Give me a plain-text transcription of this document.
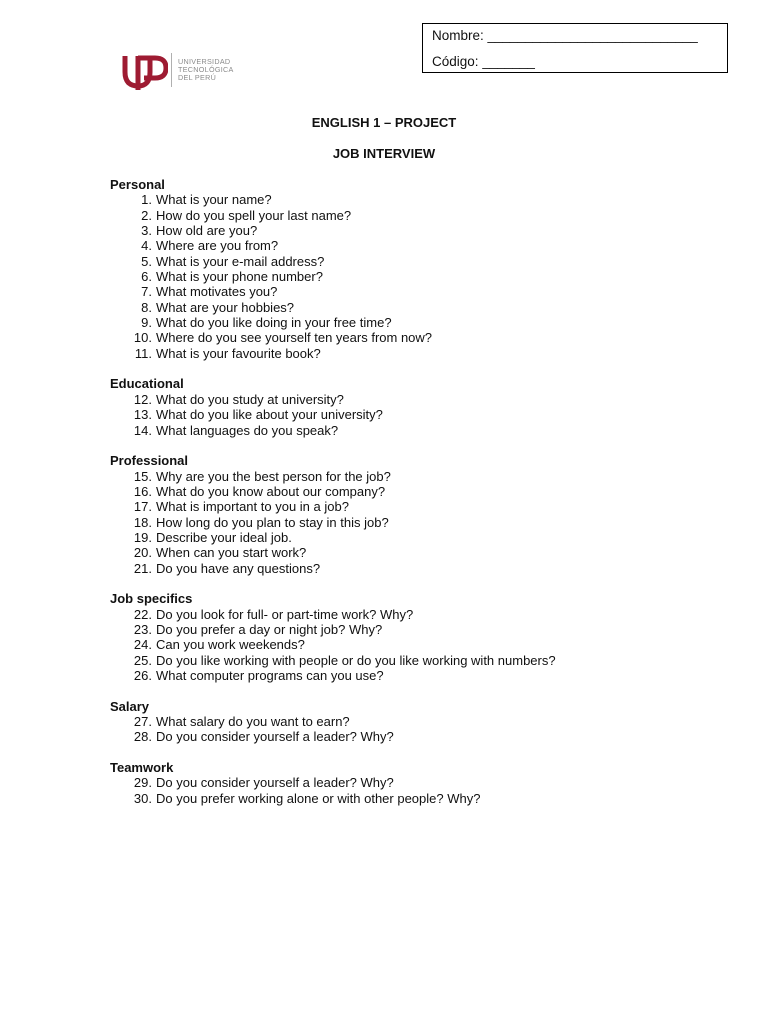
UNIVERSIDAD
TECNOLÓGICA
DEL PERÚ
Nombre: ____________________________
Código: _______
ENGLISH 1 – PROJECT
JOB INTERVIEW
Personal
1. What is your name?
2. How do you spell your last name?
3. How old are you?
4. Where are you from?
5. What is your e-mail address?
6. What is your phone number?
7. What motivates you?
8. What are your hobbies?
9. What do you like doing in your free time?
10. Where do you see yourself ten years from now?
11. What is your favourite book?
Educational
12. What do you study at university?
13. What do you like about your university?
14. What languages do you speak?
Professional
15. Why are you the best person for the job?
16. What do you know about our company?
17. What is important to you in a job?
18. How long do you plan to stay in this job?
19. Describe your ideal job.
20. When can you start work?
21. Do you have any questions?
Job specifics
22. Do you look for full- or part-time work? Why?
23. Do you prefer a day or night job? Why?
24. Can you work weekends?
25. Do you like working with people or do you like working with numbers?
26. What computer programs can you use?
Salary
27. What salary do you want to earn?
28. Do you consider yourself a leader? Why?
Teamwork
29. Do you consider yourself a leader? Why?
30. Do you prefer working alone or with other people? Why?
